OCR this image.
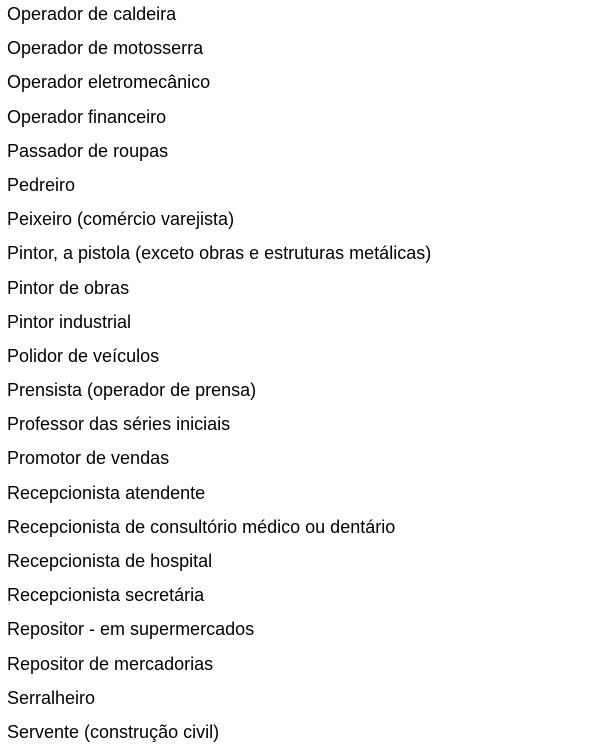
Operador de caldeira
Operador de motosserra
Operador eletromecânico
Operador financeiro
Passador de roupas
Pedreiro
Peixeiro (comércio varejista)
Pintor, a pistola (exceto obras e estruturas metálicas)
Pintor de obras
Pintor industrial
Polidor de veículos
Prensista (operador de prensa)
Professor das séries iniciais
Promotor de vendas
Recepcionista atendente
Recepcionista de consultório médico ou dentário
Recepcionista de hospital
Recepcionista secretária
Repositor - em supermercados
Repositor de mercadorias
Serralheiro
Servente (construção civil)
